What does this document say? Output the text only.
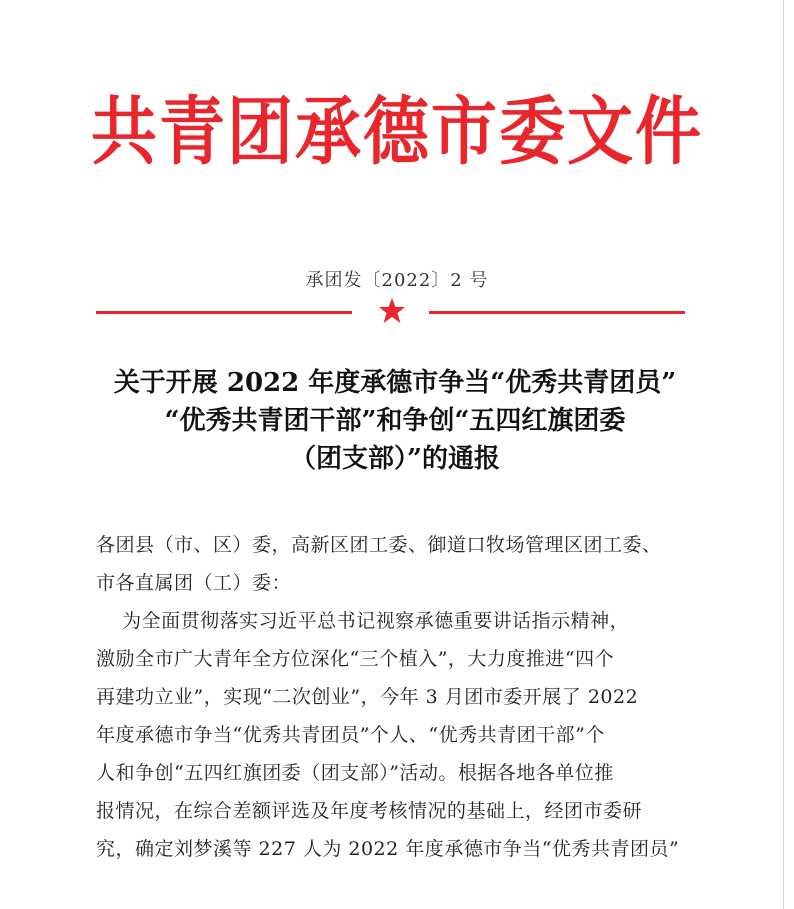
共青团承德市委文件
承团发〔2022〕2 号
关于开展 2022 年度承德市争当“优秀共青团员”
“优秀共青团干部”和争创“五四红旗团委
（团支部）”的通报
各团县（市、区）委，高新区团工委、御道口牧场管理区团工委、
市各直属团（工）委：
为全面贯彻落实习近平总书记视察承德重要讲话指示精神，
激励全市广大青年全方位深化“三个植入”，大力度推进“四个
再建功立业”，实现“二次创业”，今年 3 月团市委开展了 2022
年度承德市争当“优秀共青团员”个人、“优秀共青团干部”个
人和争创“五四红旗团委（团支部）”活动。根据各地各单位推
报情况，在综合差额评选及年度考核情况的基础上，经团市委研
究，确定刘梦溪等 227 人为 2022 年度承德市争当“优秀共青团员”
